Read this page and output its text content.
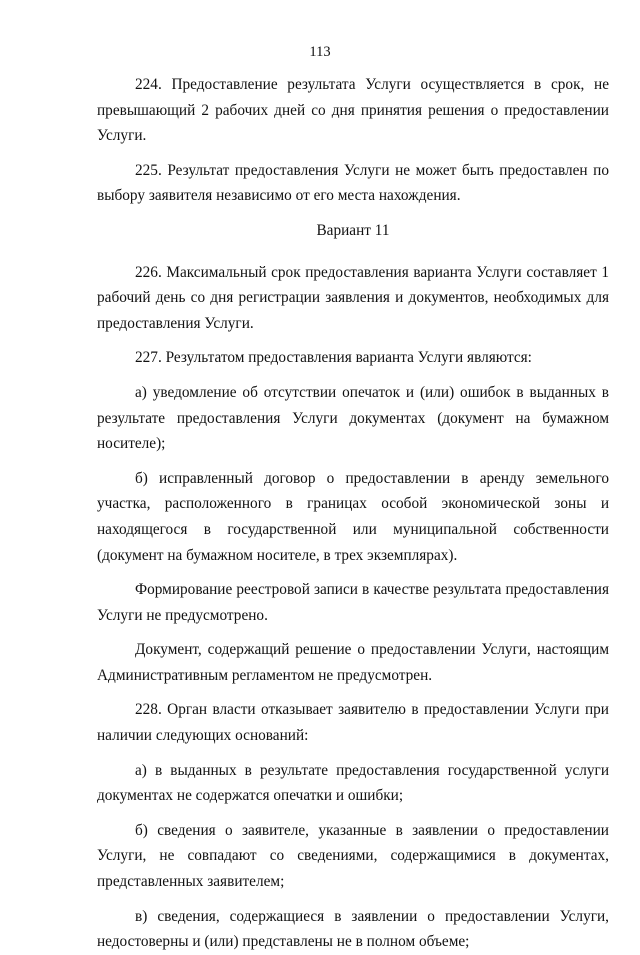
113

224. Предоставление результата Услуги осуществляется в срок, не превышающий 2 рабочих дней со дня принятия решения о предоставлении Услуги.

225. Результат предоставления Услуги не может быть предоставлен по выбору заявителя независимо от его места нахождения.

Вариант 11

226. Максимальный срок предоставления варианта Услуги составляет 1 рабочий день со дня регистрации заявления и документов, необходимых для предоставления Услуги.

227. Результатом предоставления варианта Услуги являются:

а) уведомление об отсутствии опечаток и (или) ошибок в выданных в результате предоставления Услуги документах (документ на бумажном носителе);

б) исправленный договор о предоставлении в аренду земельного участка, расположенного в границах особой экономической зоны и находящегося в государственной или муниципальной собственности (документ на бумажном носителе, в трех экземплярах).

Формирование реестровой записи в качестве результата предоставления Услуги не предусмотрено.

Документ, содержащий решение о предоставлении Услуги, настоящим Административным регламентом не предусмотрен.

228. Орган власти отказывает заявителю в предоставлении Услуги при наличии следующих оснований:

а) в выданных в результате предоставления государственной услуги документах не содержатся опечатки и ошибки;

б) сведения о заявителе, указанные в заявлении о предоставлении Услуги, не совпадают со сведениями, содержащимися в документах, представленных заявителем;

в) сведения, содержащиеся в заявлении о предоставлении Услуги, недостоверны и (или) представлены не в полном объеме;
